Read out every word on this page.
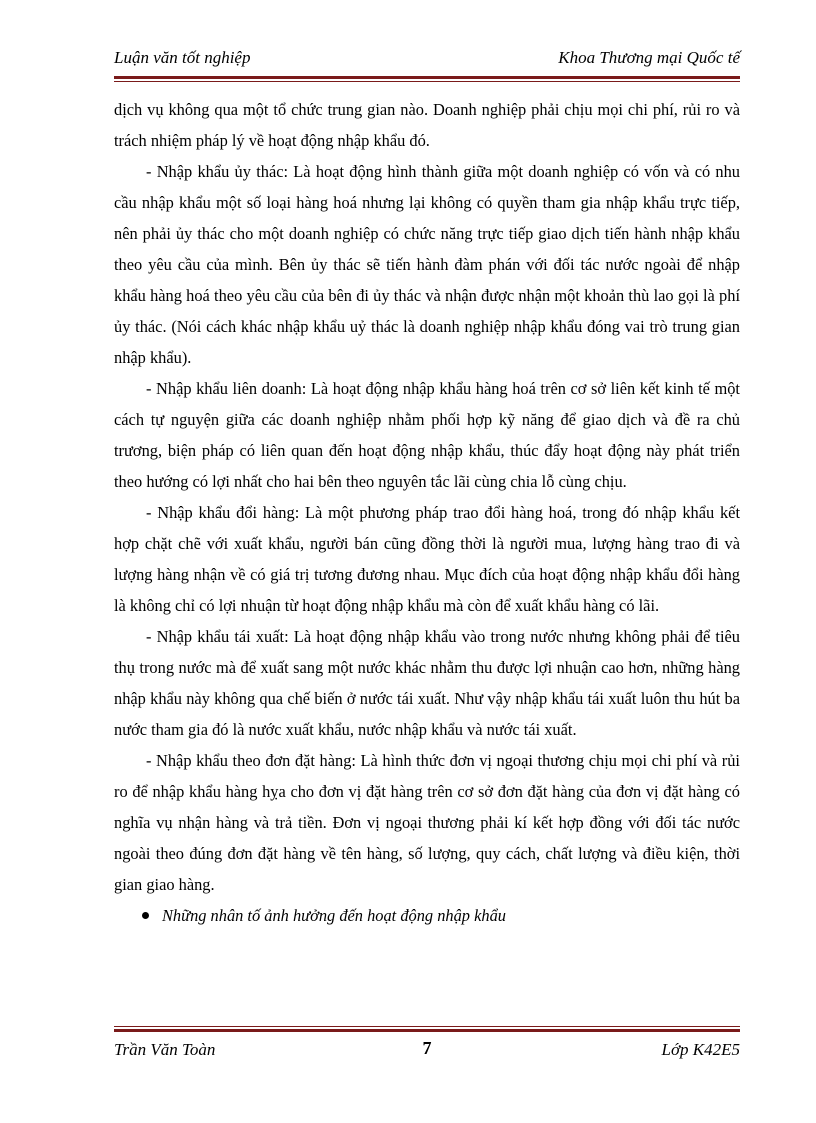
Luận văn tốt nghiệp	Khoa Thương mại Quốc tế

dịch vụ không qua một tổ chức trung gian nào. Doanh nghiệp phải chịu mọi chi phí, rủi ro và trách nhiệm pháp lý về hoạt động nhập khẩu đó.

- Nhập khẩu ủy thác: Là hoạt động hình thành giữa một doanh nghiệp có vốn và có nhu cầu nhập khẩu một số loại hàng hoá nhưng lại không có quyền tham gia nhập khẩu trực tiếp, nên phải ủy thác cho một doanh nghiệp có chức năng trực tiếp giao dịch tiến hành nhập khẩu theo yêu cầu của mình. Bên ủy thác sẽ tiến hành đàm phán với đối tác nước ngoài để nhập khẩu hàng hoá theo yêu cầu của bên đi ủy thác và nhận được nhận một khoản thù lao gọi là phí ủy thác. (Nói cách khác nhập khẩu uỷ thác là doanh nghiệp nhập khẩu đóng vai trò trung gian nhập khẩu).

- Nhập khẩu liên doanh: Là hoạt động nhập khẩu hàng hoá trên cơ sở liên kết kinh tế một cách tự nguyện giữa các doanh nghiệp nhằm phối hợp kỹ năng để giao dịch và đề ra chủ trương, biện pháp có liên quan đến hoạt động nhập khẩu, thúc đẩy hoạt động này phát triển theo hướng có lợi nhất cho hai bên theo nguyên tắc lãi cùng chia lỗ cùng chịu.

- Nhập khẩu đổi hàng: Là một phương pháp trao đổi hàng hoá, trong đó nhập khẩu kết hợp chặt chẽ với xuất khẩu, người bán cũng đồng thời là người mua, lượng hàng trao đi và lượng hàng nhận về có giá trị tương đương nhau. Mục đích của hoạt động nhập khẩu đổi hàng là không chỉ có lợi nhuận từ hoạt động nhập khẩu mà còn để xuất khẩu hàng có lãi.

- Nhập khẩu tái xuất: Là hoạt động nhập khẩu vào trong nước nhưng không phải để tiêu thụ trong nước mà để xuất sang một nước khác nhằm thu được lợi nhuận cao hơn, những hàng nhập khẩu này không qua chế biến ở nước tái xuất. Như vậy nhập khẩu tái xuất luôn thu hút ba nước tham gia đó là nước xuất khẩu, nước nhập khẩu và nước tái xuất.

- Nhập khẩu theo đơn đặt hàng: Là hình thức đơn vị ngoại thương chịu mọi chi phí và rủi ro để nhập khẩu hàng hỵa cho đơn vị đặt hàng trên cơ sở đơn đặt hàng của đơn vị đặt hàng có nghĩa vụ nhận hàng và trả tiền. Đơn vị ngoại thương phải kí kết hợp đồng với đối tác nước ngoài theo đúng đơn đặt hàng về tên hàng, số lượng, quy cách, chất lượng và điều kiện, thời gian giao hàng.

Những nhân tố ảnh hưởng đến hoạt động nhập khẩu

Trần Văn Toàn	7	Lớp K42E5
